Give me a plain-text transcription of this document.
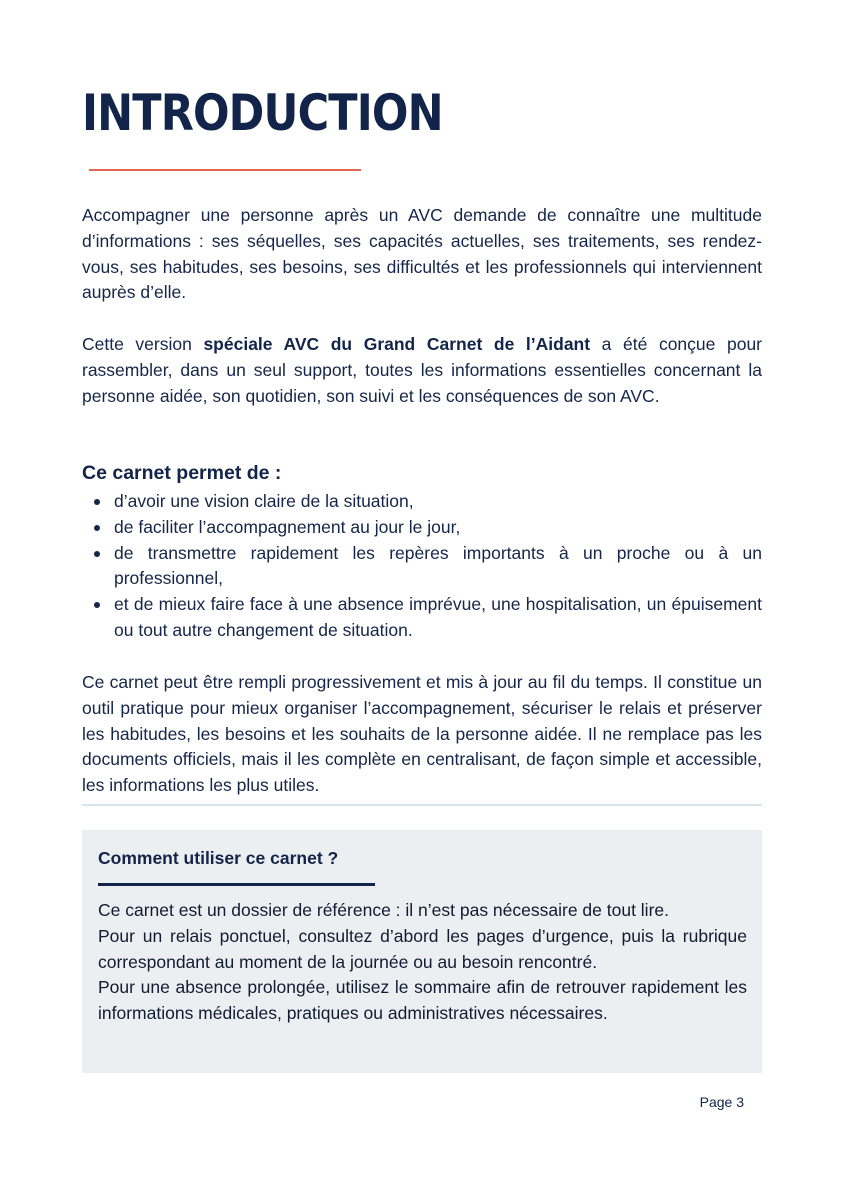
INTRODUCTION

Accompagner une personne après un AVC demande de connaître une multitude d’informations : ses séquelles, ses capacités actuelles, ses traitements, ses rendez-vous, ses habitudes, ses besoins, ses difficultés et les professionnels qui interviennent auprès d’elle.

Cette version spéciale AVC du Grand Carnet de l’Aidant a été conçue pour rassembler, dans un seul support, toutes les informations essentielles concernant la personne aidée, son quotidien, son suivi et les conséquences de son AVC.

Ce carnet permet de :
d’avoir une vision claire de la situation,
de faciliter l’accompagnement au jour le jour,
de transmettre rapidement les repères importants à un proche ou à un professionnel,
et de mieux faire face à une absence imprévue, une hospitalisation, un épuisement ou tout autre changement de situation.

Ce carnet peut être rempli progressivement et mis à jour au fil du temps. Il constitue un outil pratique pour mieux organiser l’accompagnement, sécuriser le relais et préserver les habitudes, les besoins et les souhaits de la personne aidée. Il ne remplace pas les documents officiels, mais il les complète en centralisant, de façon simple et accessible, les informations les plus utiles.

Comment utiliser ce carnet ?

Ce carnet est un dossier de référence : il n’est pas nécessaire de tout lire.
Pour un relais ponctuel, consultez d’abord les pages d’urgence, puis la rubrique correspondant au moment de la journée ou au besoin rencontré.
Pour une absence prolongée, utilisez le sommaire afin de retrouver rapidement les informations médicales, pratiques ou administratives nécessaires.

Page 3
